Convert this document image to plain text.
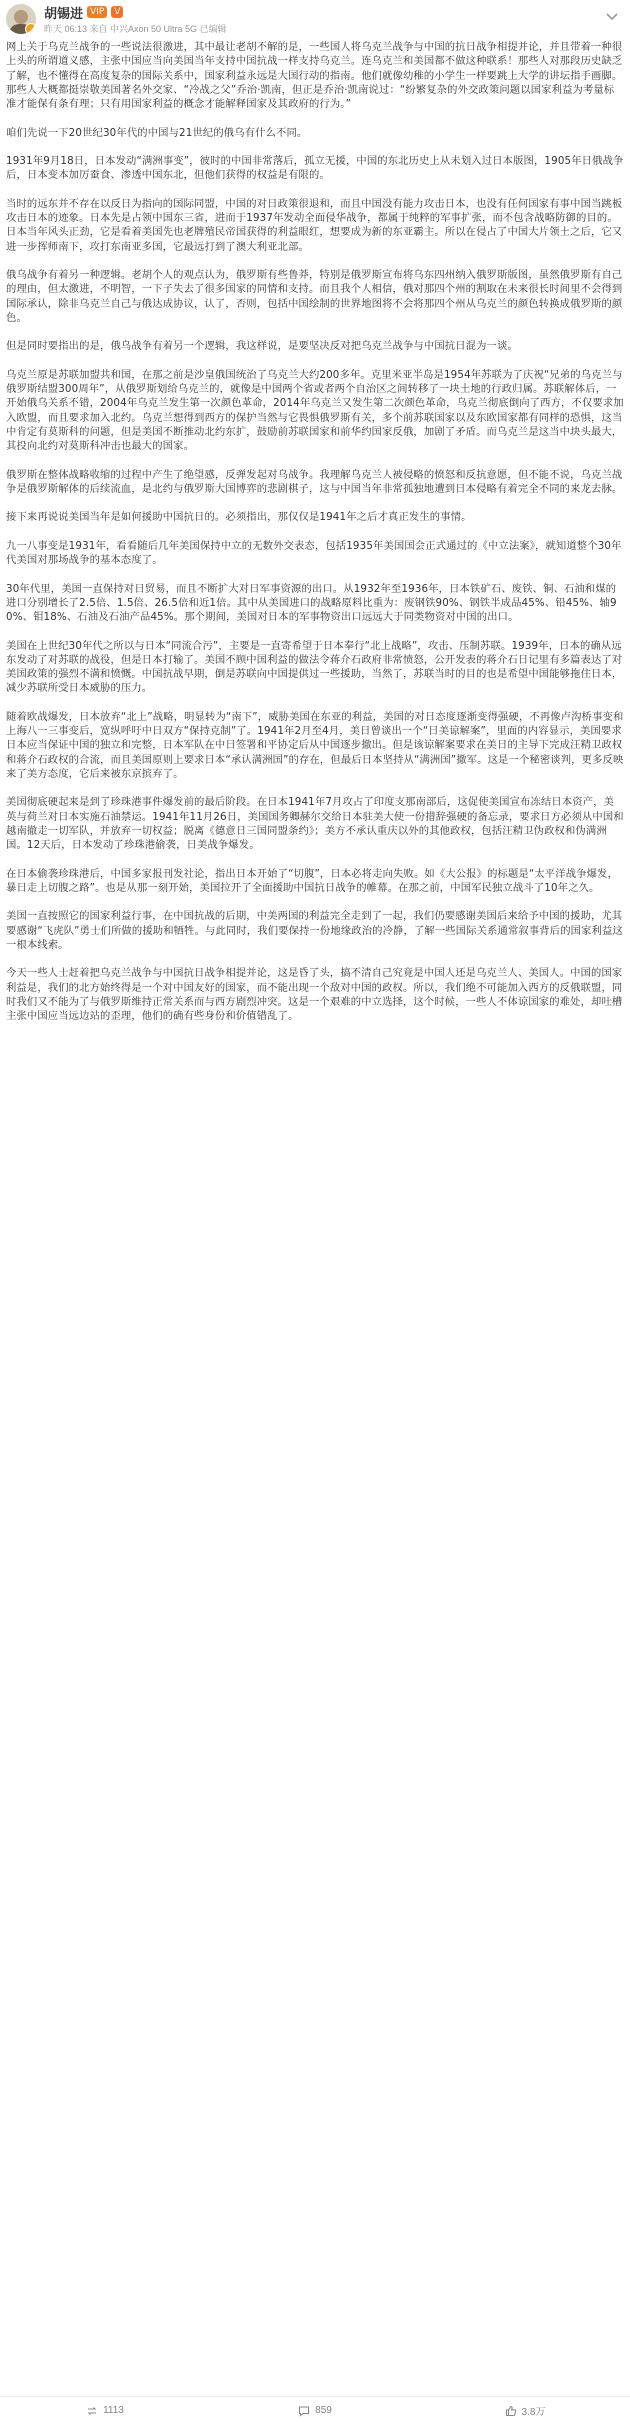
胡锡进 VIP	V
昨天 06:13 来自 中兴Axon 50 Ultra 5G 已编辑

网上关于乌克兰战争的一些说法很激进，其中最让老胡不解的是，一些国人将乌克兰战争与中国的抗日战争相提并论，并且带着一种很上头的所谓道义感，主张中国应当向美国当年支持中国抗战一样支持乌克兰。连乌克兰和美国都不做这种联系！那些人对那段历史缺乏了解，也不懂得在高度复杂的国际关系中，国家利益永远是大国行动的指南。他们就像幼稚的小学生一样要跳上大学的讲坛指手画脚。那些人大概都挺崇敬美国著名外交家、“冷战之父”乔治·凯南，但正是乔治·凯南说过：“纷繁复杂的外交政策问题以国家利益为考量标准才能保有条有理；只有用国家利益的概念才能解释国家及其政府的行为。”

咱们先说一下20世纪30年代的中国与21世纪的俄乌有什么不同。

1931年9月18日，日本发动“满洲事变”，彼时的中国非常落后，孤立无援，中国的东北历史上从未划入过日本版图，1905年日俄战争后，日本变本加厉蚕食、渗透中国东北，但他们获得的权益是有限的。

当时的远东并不存在以反日为指向的国际同盟，中国的对日政策很退和，而且中国没有能力攻击日本，也没有任何国家有事中国当跳板攻击日本的迹象。日本先是占领中国东三省，进而于1937年发动全面侵华战争，都属于纯粹的军事扩张，而不包含战略防御的目的。日本当年风头正劲，它是看着美国先也老牌殖民帝国获得的利益眼红，想要成为新的东亚霸主。所以在侵占了中国大片领土之后，它又进一步挥师南下，攻打东南亚多国，它最远打到了澳大利亚北部。

俄乌战争有着另一种逻辑。老胡个人的观点认为，俄罗斯有些鲁莽，特别是俄罗斯宣布将乌东四州纳入俄罗斯版图，虽然俄罗斯有自己的理由，但太激进，不明智，一下子失去了很多国家的同情和支持。而且我个人相信，俄对那四个州的割取在未来很长时间里不会得到国际承认，除非乌克兰自己与俄达成协议，认了，否则，包括中国绘制的世界地图将不会将那四个州从乌克兰的颜色转换成俄罗斯的颜色。

但是同时要指出的是，俄乌战争有着另一个逻辑，我这样说，是要坚决反对把乌克兰战争与中国抗日混为一谈。

乌克兰原是苏联加盟共和国，在那之前是沙皇俄国统治了乌克兰大约200多年。克里米亚半岛是1954年苏联为了庆祝“兄弟的乌克兰与俄罗斯结盟300周年”，从俄罗斯划给乌克兰的，就像是中国两个省或者两个自治区之间转移了一块土地的行政归属。苏联解体后，一开始俄乌关系不错，2004年乌克兰发生第一次颜色革命，2014年乌克兰又发生第二次颜色革命，乌克兰彻底倒向了西方，不仅要求加入欧盟，而且要求加入北约。乌克兰想得到西方的保护当然与它畏惧俄罗斯有关，多个前苏联国家以及东欧国家都有同样的恐惧，这当中肯定有莫斯科的问题，但是美国不断推动北约东扩，鼓励前苏联国家和前华约国家反俄，加剧了矛盾。而乌克兰是这当中块头最大，其投向北约对莫斯科冲击也最大的国家。

俄罗斯在整体战略收缩的过程中产生了绝望感，反弹发起对乌战争。我理解乌克兰人被侵略的愤怒和反抗意愿，但不能不说，乌克兰战争是俄罗斯解体的后续流血，是北约与俄罗斯大国博弈的悲剧棋子，这与中国当年非常孤独地遭到日本侵略有着完全不同的来龙去脉。

接下来再说说美国当年是如何援助中国抗日的。必须指出，那仅仅是1941年之后才真正发生的事情。

九一八事变是1931年，看看随后几年美国保持中立的无数外交表态，包括1935年美国国会正式通过的《中立法案》，就知道整个30年代美国对那场战争的基本态度了。

30年代里，美国一直保持对日贸易，而且不断扩大对日军事资源的出口。从1932年至1936年，日本铁矿石、废铁、铜、石油和煤的进口分别增长了2.5倍、1.5倍、26.5倍和近1倍。其中从美国进口的战略原料比重为：废钢铁90%、钢铁半成品45%、铅45%、轴90%、钼18%、石油及石油产品45%。那个期间，美国对日本的军事物资出口远远大于同类物资对中国的出口。

美国在上世纪30年代之所以与日本“同流合污”，主要是一直寄希望于日本奉行“北上战略”，攻击、压制苏联。1939年，日本的确从远东发动了对苏联的战役，但是日本打输了。美国不顾中国利益的做法令蒋介石政府非常愤怒，公开发表的蒋介石日记里有多篇表达了对美国政策的强烈不满和愤慨。中国抗战早期，倒是苏联向中国提供过一些援助，当然了，苏联当时的目的也是希望中国能够拖住日本，减少苏联所受日本威胁的压力。

随着欧战爆发，日本放弃“北上”战略，明显转为“南下”，威胁美国在东亚的利益，美国的对日态度逐渐变得强硬，不再像卢沟桥事变和上海八一三事变后，宽纵呼吁中日双方“保持克制”了。1941年2月至4月，美日曾谈出一个“日美谅解案”，里面的内容显示，美国要求日本应当保证中国的独立和完整，日本军队在中日签署和平协定后从中国逐步撤出。但是该谅解案要求在美日的主导下完成汪精卫政权和蒋介石政权的合流，而且美国原则上要求日本“承认满洲国”的存在，但最后日本坚持从“满洲国”撤军。这是一个秘密谈判，更多反映来了美方态度，它后来被东京摈弃了。

美国彻底硬起来是到了珍珠港事件爆发前的最后阶段。在日本1941年7月攻占了印度支那南部后，这促使美国宣布冻结日本资产，美英与荷兰对日本实施石油禁运。1941年11月26日，美国国务卿赫尔交给日本驻美大使一份措辞强硬的备忘录，要求日方必须从中国和越南撤走一切军队，并放弃一切权益；脱离《德意日三国同盟条约》；美方不承认重庆以外的其他政权，包括汪精卫伪政权和伪满洲国。12天后，日本发动了珍珠港偷袭，日美战争爆发。

在日本偷袭珍珠港后，中国多家报刊发社论，指出日本开始了“切腹”，日本必将走向失败。如《大公报》的标题是“太平洋战争爆发，暴日走上切腹之路”。也是从那一刻开始，美国拉开了全面援助中国抗日战争的帷幕。在那之前，中国军民独立战斗了10年之久。

美国一直按照它的国家利益行事，在中国抗战的后期，中美两国的利益完全走到了一起，我们仍要感谢美国后来给予中国的援助，尤其要感谢“飞虎队”勇士们所做的援助和牺牲。与此同时，我们要保持一份地缘政治的冷静，了解一些国际关系通常叙事背后的国家利益这一根本线索。

今天一些人士赶着把乌克兰战争与中国抗日战争相提并论，这是昏了头，搞不清自己究竟是中国人还是乌克兰人、美国人。中国的国家利益是，我们的北方始终得是一个对中国友好的国家，而不能出现一个敌对中国的政权。所以，我们绝不可能加入西方的反俄联盟，同时我们又不能为了与俄罗斯维持正常关系而与西方剧烈冲突。这是一个艰难的中立选择，这个时候，一些人不体谅国家的难处，却吐槽主张中国应当远边站的歪理，他们的确有些身份和价值错乱了。

1113	859	3.8万
